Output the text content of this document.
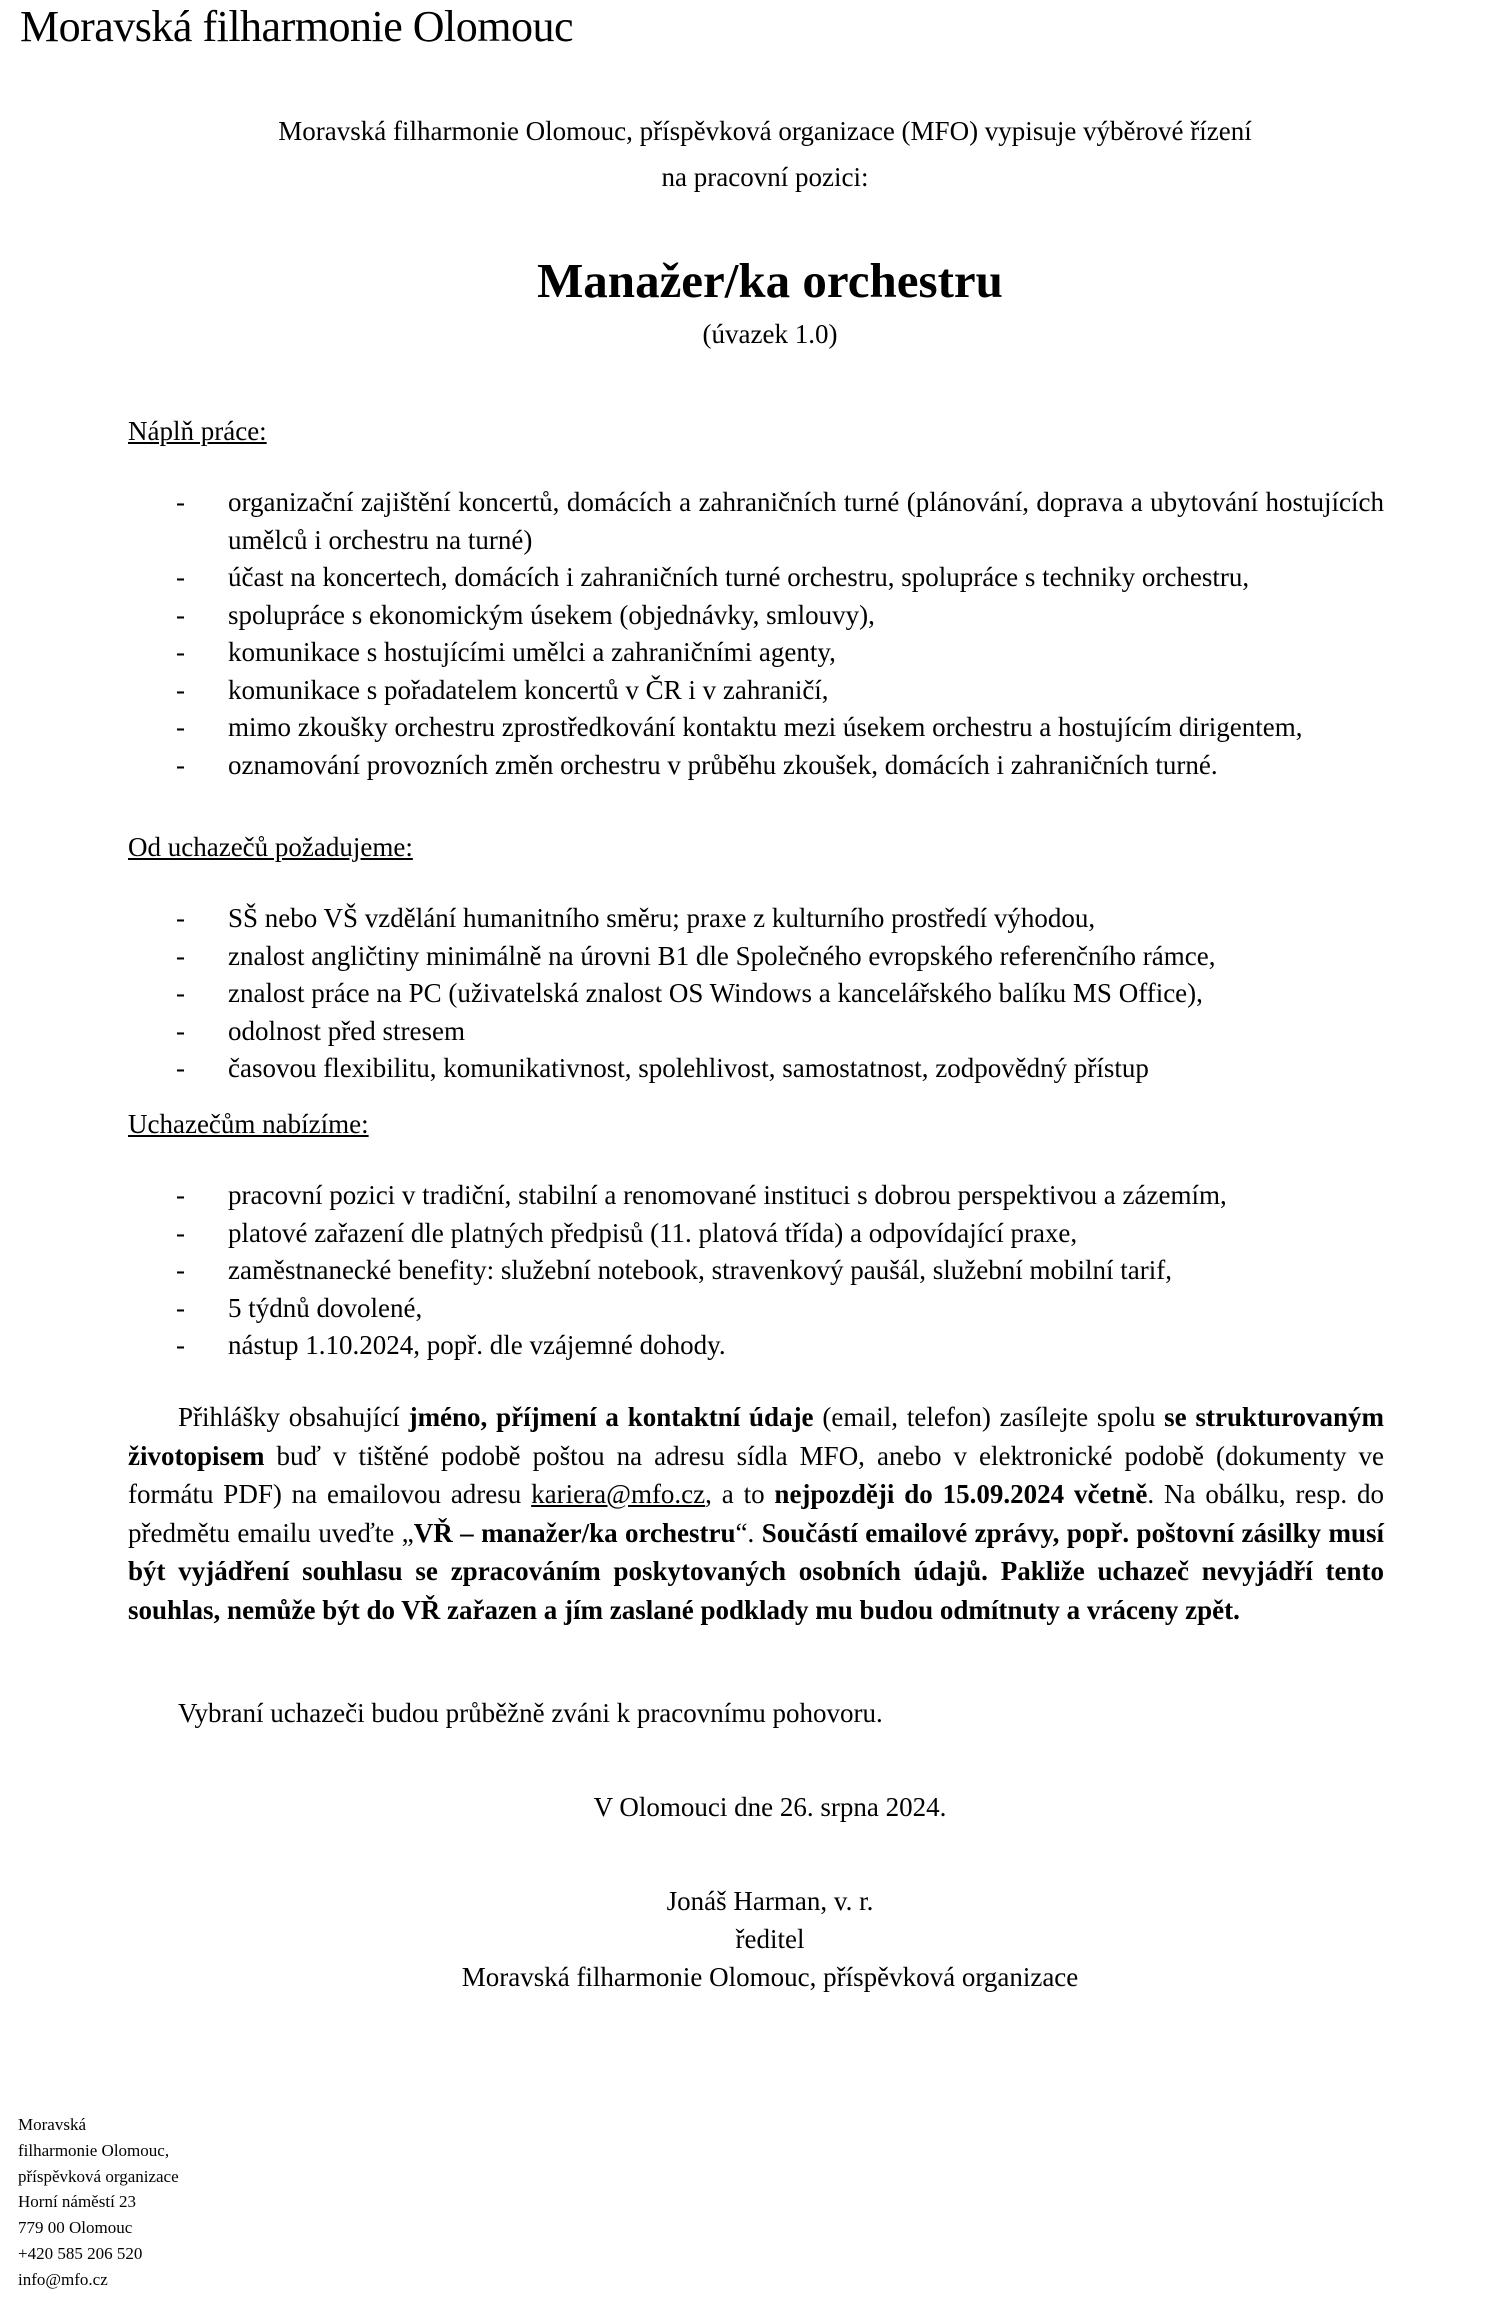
Moravská filharmonie Olomouc
Moravská filharmonie Olomouc, příspěvková organizace (MFO) vypisuje výběrové řízení
na pracovní pozici:
Manažer/ka orchestru
(úvazek 1.0)
Náplň práce:
- organizační zajištění koncertů, domácích a zahraničních turné (plánování, doprava a ubytování hostujících umělců i orchestru na turné)
- účast na koncertech, domácích i zahraničních turné orchestru, spolupráce s techniky orchestru,
- spolupráce s ekonomickým úsekem (objednávky, smlouvy),
- komunikace s hostujícími umělci a zahraničními agenty,
- komunikace s pořadatelem koncertů v ČR i v zahraničí,
- mimo zkoušky orchestru zprostředkování kontaktu mezi úsekem orchestru a hostujícím dirigentem,
- oznamování provozních změn orchestru v průběhu zkoušek, domácích i zahraničních turné.
Od uchazečů požadujeme:
- SŠ nebo VŠ vzdělání humanitního směru; praxe z kulturního prostředí výhodou,
- znalost angličtiny minimálně na úrovni B1 dle Společného evropského referenčního rámce,
- znalost práce na PC (uživatelská znalost OS Windows a kancelářského balíku MS Office),
- odolnost před stresem
- časovou flexibilitu, komunikativnost, spolehlivost, samostatnost, zodpovědný přístup
Uchazečům nabízíme:
- pracovní pozici v tradiční, stabilní a renomované instituci s dobrou perspektivou a zázemím,
- platové zařazení dle platných předpisů (11. platová třída) a odpovídající praxe,
- zaměstnanecké benefity: služební notebook, stravenkový paušál, služební mobilní tarif,
- 5 týdnů dovolené,
- nástup 1.10.2024, popř. dle vzájemné dohody.

Přihlášky obsahující jméno, příjmení a kontaktní údaje (email, telefon) zasílejte spolu se strukturovaným životopisem buď v tištěné podobě poštou na adresu sídla MFO, anebo v elektronické podobě (dokumenty ve formátu PDF) na emailovou adresu kariera@mfo.cz, a to nejpozději do 15.09.2024 včetně. Na obálku, resp. do předmětu emailu uveďte „VŘ – manažer/ka orchestru“. Součástí emailové zprávy, popř. poštovní zásilky musí být vyjádření souhlasu se zpracováním poskytovaných osobních údajů. Pakliže uchazeč nevyjádří tento souhlas, nemůže být do VŘ zařazen a jím zaslané podklady mu budou odmítnuty a vráceny zpět.

Vybraní uchazeči budou průběžně zváni k pracovnímu pohovoru.
V Olomouci dne 26. srpna 2024.
Jonáš Harman, v. r.
ředitel
Moravská filharmonie Olomouc, příspěvková organizace
Moravská
filharmonie Olomouc,
příspěvková organizace
Horní náměstí 23
779 00 Olomouc
+420 585 206 520
info@mfo.cz
